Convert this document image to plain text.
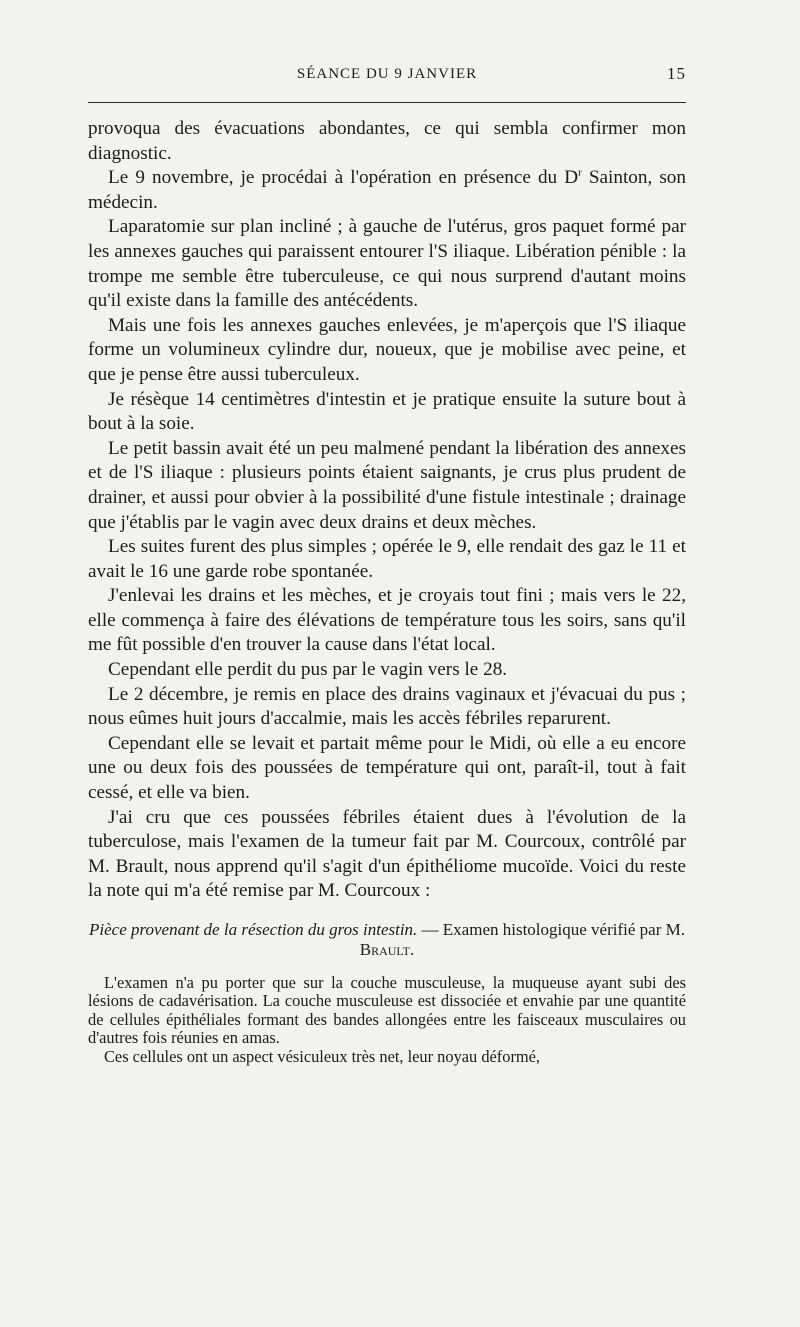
SÉANCE DU 9 JANVIER	15

provoqua des évacuations abondantes, ce qui sembla confirmer mon diagnostic.

Le 9 novembre, je procédai à l'opération en présence du $D^r$ Sainton, son médecin.

Laparatomie sur plan incliné ; à gauche de l'utérus, gros paquet formé par les annexes gauches qui paraissent entourer l'S iliaque. Libération pénible : la trompe me semble être tuberculeuse, ce qui nous surprend d'autant moins qu'il existe dans la famille des antécédents.

Mais une fois les annexes gauches enlevées, je m'aperçois que l'S iliaque forme un volumineux cylindre dur, noueux, que je mobilise avec peine, et que je pense être aussi tuberculeux.

Je résèque 14 centimètres d'intestin et je pratique ensuite la suture bout à bout à la soie.

Le petit bassin avait été un peu malmené pendant la libération des annexes et de l'S iliaque : plusieurs points étaient saignants, je crus plus prudent de drainer, et aussi pour obvier à la possibilité d'une fistule intestinale ; drainage que j'établis par le vagin avec deux drains et deux mèches.

Les suites furent des plus simples ; opérée le 9, elle rendait des gaz le 11 et avait le 16 une garde robe spontanée.

J'enlevai les drains et les mèches, et je croyais tout fini ; mais vers le 22, elle commença à faire des élévations de température tous les soirs, sans qu'il me fût possible d'en trouver la cause dans l'état local.

Cependant elle perdit du pus par le vagin vers le 28.

Le 2 décembre, je remis en place des drains vaginaux et j'évacuai du pus ; nous eûmes huit jours d'accalmie, mais les accès fébriles reparurent.

Cependant elle se levait et partait même pour le Midi, où elle a eu encore une ou deux fois des poussées de température qui ont, paraît-il, tout à fait cessé, et elle va bien.

J'ai cru que ces poussées fébriles étaient dues à l'évolution de la tuberculose, mais l'examen de la tumeur fait par M. Courcoux, contrôlé par M. Brault, nous apprend qu'il s'agit d'un épithéliome mucoïde. Voici du reste la note qui m'a été remise par M. Courcoux :

Pièce provenant de la résection du gros intestin. — Examen histologique vérifié par M. Brault.

L'examen n'a pu porter que sur la couche musculeuse, la muqueuse ayant subi des lésions de cadavérisation. La couche musculeuse est dissociée et envahie par une quantité de cellules épithéliales formant des bandes allongées entre les faisceaux musculaires ou d'autres fois réunies en amas.

Ces cellules ont un aspect vésiculeux très net, leur noyau déformé,
